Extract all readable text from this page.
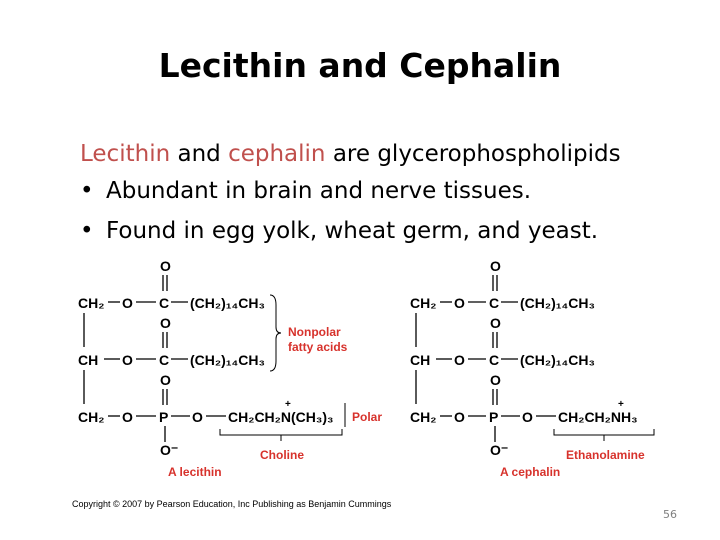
Lecithin and Cephalin
Lecithin and cephalin are glycerophospholipids
• Abundant in brain and nerve tissues.
• Found in egg yolk, wheat germ, and yeast.
O
CH₂ O C (CH₂)₁₄CH₃
O
CH O C (CH₂)₁₄CH₃
O
CH₂ O P O CH₂CH₂N(CH₃)₃
+
O⁻
Nonpolar
fatty acids
Polar
Choline
A lecithin
O
CH₂ O C (CH₂)₁₄CH₃
O
CH O C (CH₂)₁₄CH₃
O
CH₂ O P O CH₂CH₂NH₃
+
O⁻	Ethanolamine
A cephalin
Copyright © 2007 by Pearson Education, Inc Publishing as Benjamin Cummings
56
